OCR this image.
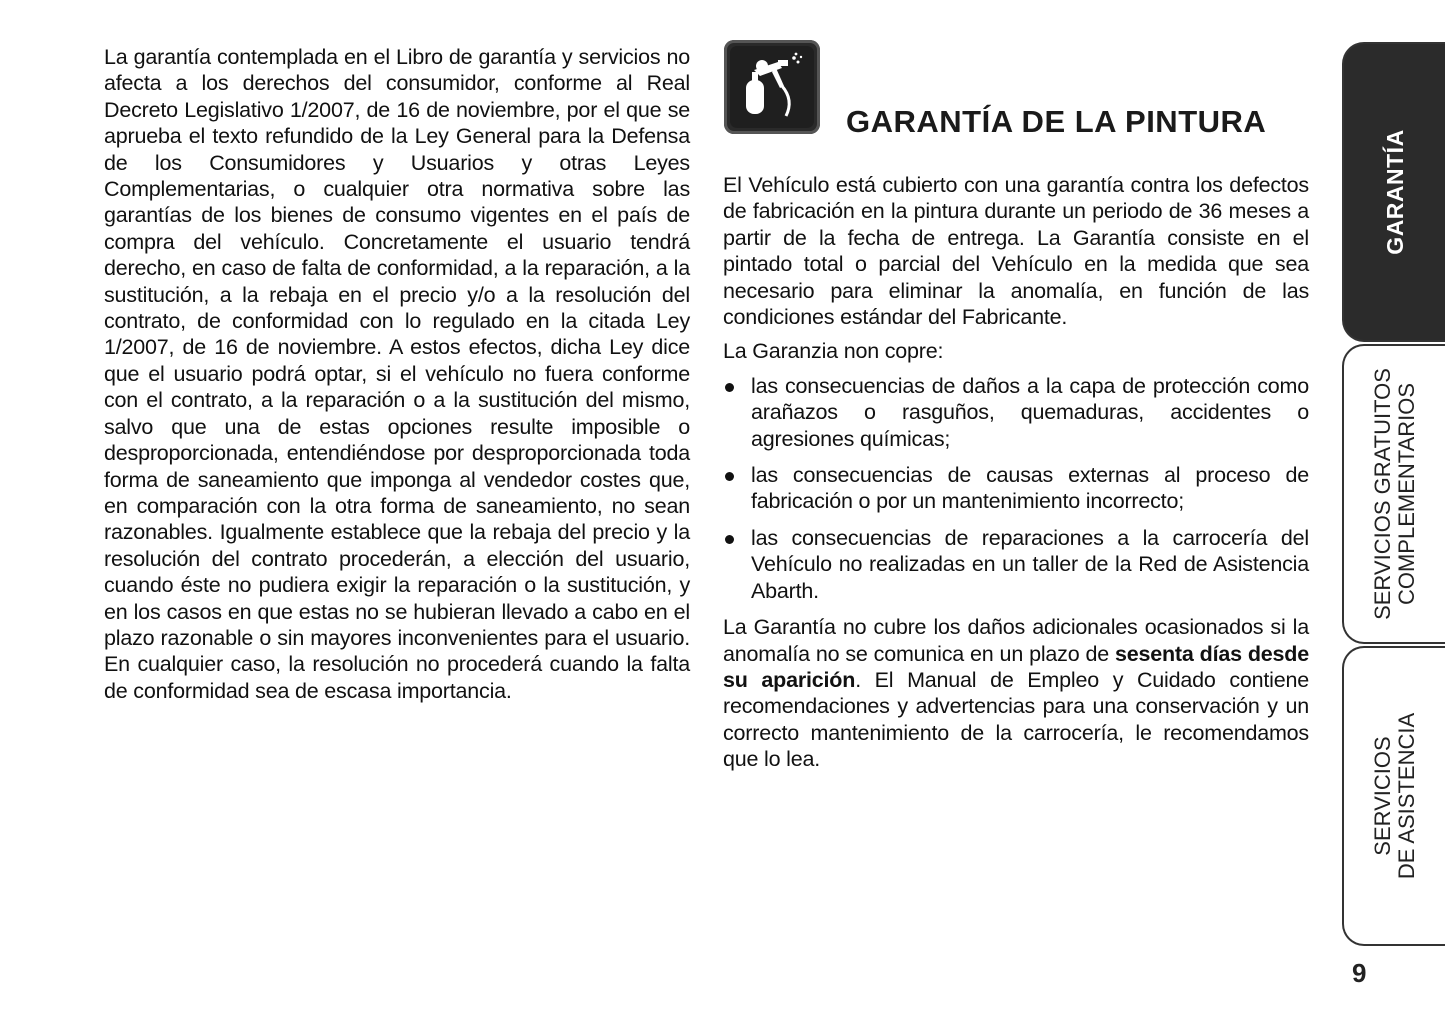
La garantía contemplada en el Libro de garantía y servicios no afecta a los derechos del consumidor, conforme al Real Decreto Legislativo 1/2007, de 16 de noviembre, por el que se aprueba el texto refundido de la Ley General para la Defensa de los Consumidores y Usuarios y otras Leyes Complementarias, o cualquier otra normativa sobre las garantías de los bienes de consumo vigentes en el país de compra del vehículo. Concretamente el usuario tendrá derecho, en caso de falta de conformidad, a la reparación, a la sustitución, a la rebaja en el precio y/o a la resolución del contrato, de conformidad con lo regulado en la citada Ley 1/2007, de 16 de noviembre. A estos efectos, dicha Ley dice que el usuario podrá optar, si el vehículo no fuera conforme con el contrato, a la reparación o a la sustitución del mismo, salvo que una de estas opciones resulte imposible o desproporcionada, entendiéndose por desproporcionada toda forma de saneamiento que imponga al vendedor costes que, en comparación con la otra forma de saneamiento, no sean razonables. Igualmente establece que la rebaja del precio y la resolución del contrato procederán, a elección del usuario, cuando éste no pudiera exigir la reparación o la sustitución, y en los casos en que estas no se hubieran llevado a cabo en el plazo razonable o sin mayores inconvenientes para el usuario. En cualquier caso, la resolución no procederá cuando la falta de conformidad sea de escasa importancia.

GARANTÍA DE LA PINTURA

El Vehículo está cubierto con una garantía contra los defectos de fabricación en la pintura durante un periodo de 36 meses a partir de la fecha de entrega. La Garantía consiste en el pintado total o parcial del Vehículo en la medida que sea necesario para eliminar la anomalía, en función de las condiciones estándar del Fabricante.

La Garanzia non copre:

las consecuencias de daños a la capa de protección como arañazos o rasguños, quemaduras, accidentes o agresiones químicas;
las consecuencias de causas externas al proceso de fabricación o por un mantenimiento incorrecto;
las consecuencias de reparaciones a la carrocería del Vehículo no realizadas en un taller de la Red de Asistencia Abarth.

La Garantía no cubre los daños adicionales ocasionados si la anomalía no se comunica en un plazo de sesenta días desde su aparición. El Manual de Empleo y Cuidado contiene recomendaciones y advertencias para una conservación y un correcto mantenimiento de la carrocería, le recomendamos que lo lea.

GARANTÍA
SERVICIOS GRATUITOS COMPLEMENTARIOS
SERVICIOS DE ASISTENCIA
9
